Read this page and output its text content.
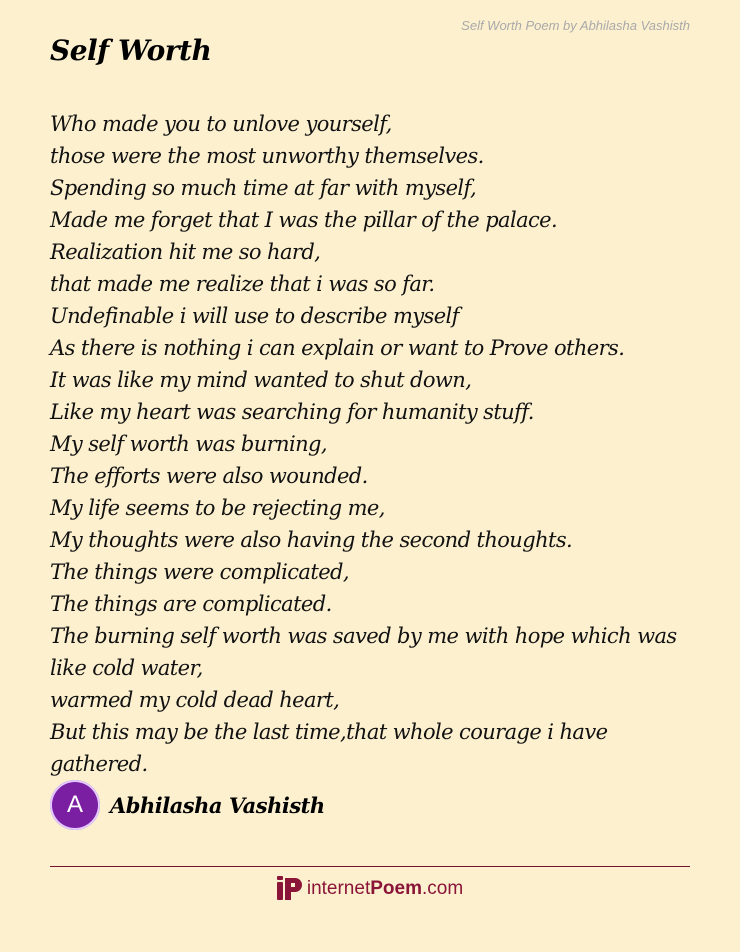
Self Worth Poem by Abhilasha Vashisth
Self Worth
Who made you to unlove yourself,
those were the most unworthy themselves.
Spending so much time at far with myself,
Made me forget that I was the pillar of the palace.
Realization hit me so hard,
that made me realize that i was so far.
Undefinable i will use to describe myself
As there is nothing i can explain or want to Prove others.
It was like my mind wanted to shut down,
Like my heart was searching for humanity stuff.
My self worth was burning,
The efforts were also wounded.
My life seems to be rejecting me,
My thoughts were also having the second thoughts.
The things were complicated,
The things are complicated.
The burning self worth was saved by me with hope which was like cold water,
warmed my cold dead heart,
But this may be the last time,that whole courage i have gathered.
A	Abhilasha Vashisth
internetPoem.com
